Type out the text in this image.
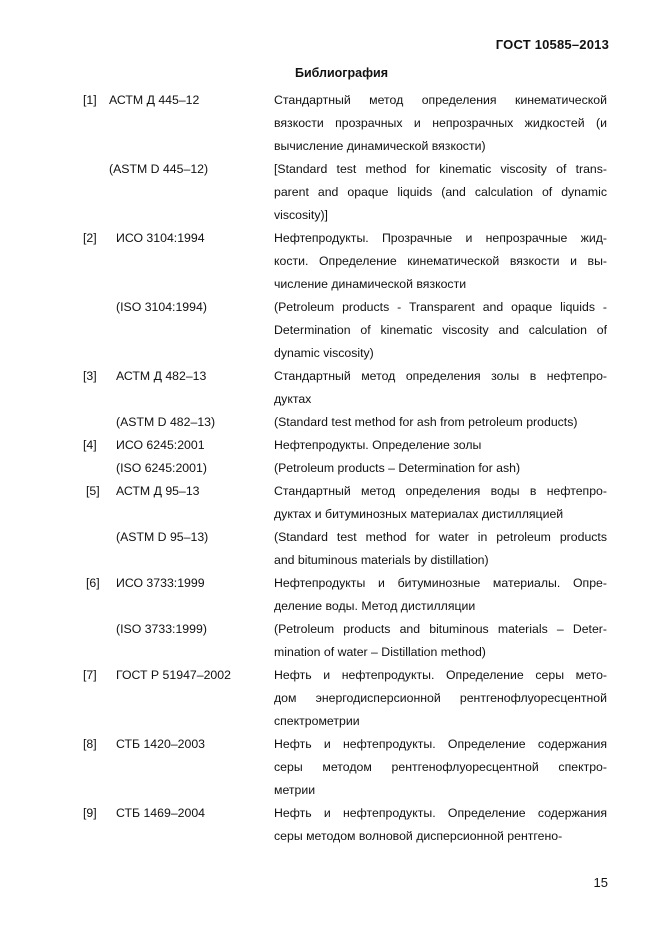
ГОСТ 10585–2013
Библиография
[1] АСТМ Д 445–12	Стандартный метод определения кинематической
вязкости прозрачных и непрозрачных жидкостей (и
вычисление динамической вязкости)
(ASTM D 445–12)	[Standard test method for kinematic viscosity of trans-
parent and opaque liquids (and calculation of dynamic
viscosity)]
[2] ИСО 3104:1994	Нефтепродукты. Прозрачные и непрозрачные жид-
кости. Определение кинематической вязкости и вы-
числение динамической вязкости
(ISO 3104:1994)	(Petroleum products - Transparent and opaque liquids -
Determination of kinematic viscosity and calculation of
dynamic viscosity)
[3] АСТМ Д 482–13	Стандартный метод определения золы в нефтепро-
дуктах
(ASTM D 482–13)	(Standard test method for ash from petroleum products)
[4] ИСО 6245:2001	Нефтепродукты. Определение золы
(ISO 6245:2001)	(Petroleum products – Determination for ash)
[5] АСТМ Д 95–13	Стандартный метод определения воды в нефтепро-
дуктах и битуминозных материалах дистилляцией
(ASTM D 95–13)	(Standard test method for water in petroleum products
and bituminous materials by distillation)
[6] ИСО 3733:1999	Нефтепродукты и битуминозные материалы. Опре-
деление воды. Метод дистилляции
(ISO 3733:1999)	(Petroleum products and bituminous materials – Deter-
mination of water – Distillation method)
[7] ГОСТ Р 51947–2002	Нефть и нефтепродукты. Определение серы мето-
дом энергодисперсионной рентгенофлуоресцентной
спектрометрии
[8] СТБ 1420–2003	Нефть и нефтепродукты. Определение содержания
серы методом рентгенофлуоресцентной спектро-
метрии
[9] СТБ 1469–2004	Нефть и нефтепродукты. Определение содержания
серы методом волновой дисперсионной рентгено-
15
